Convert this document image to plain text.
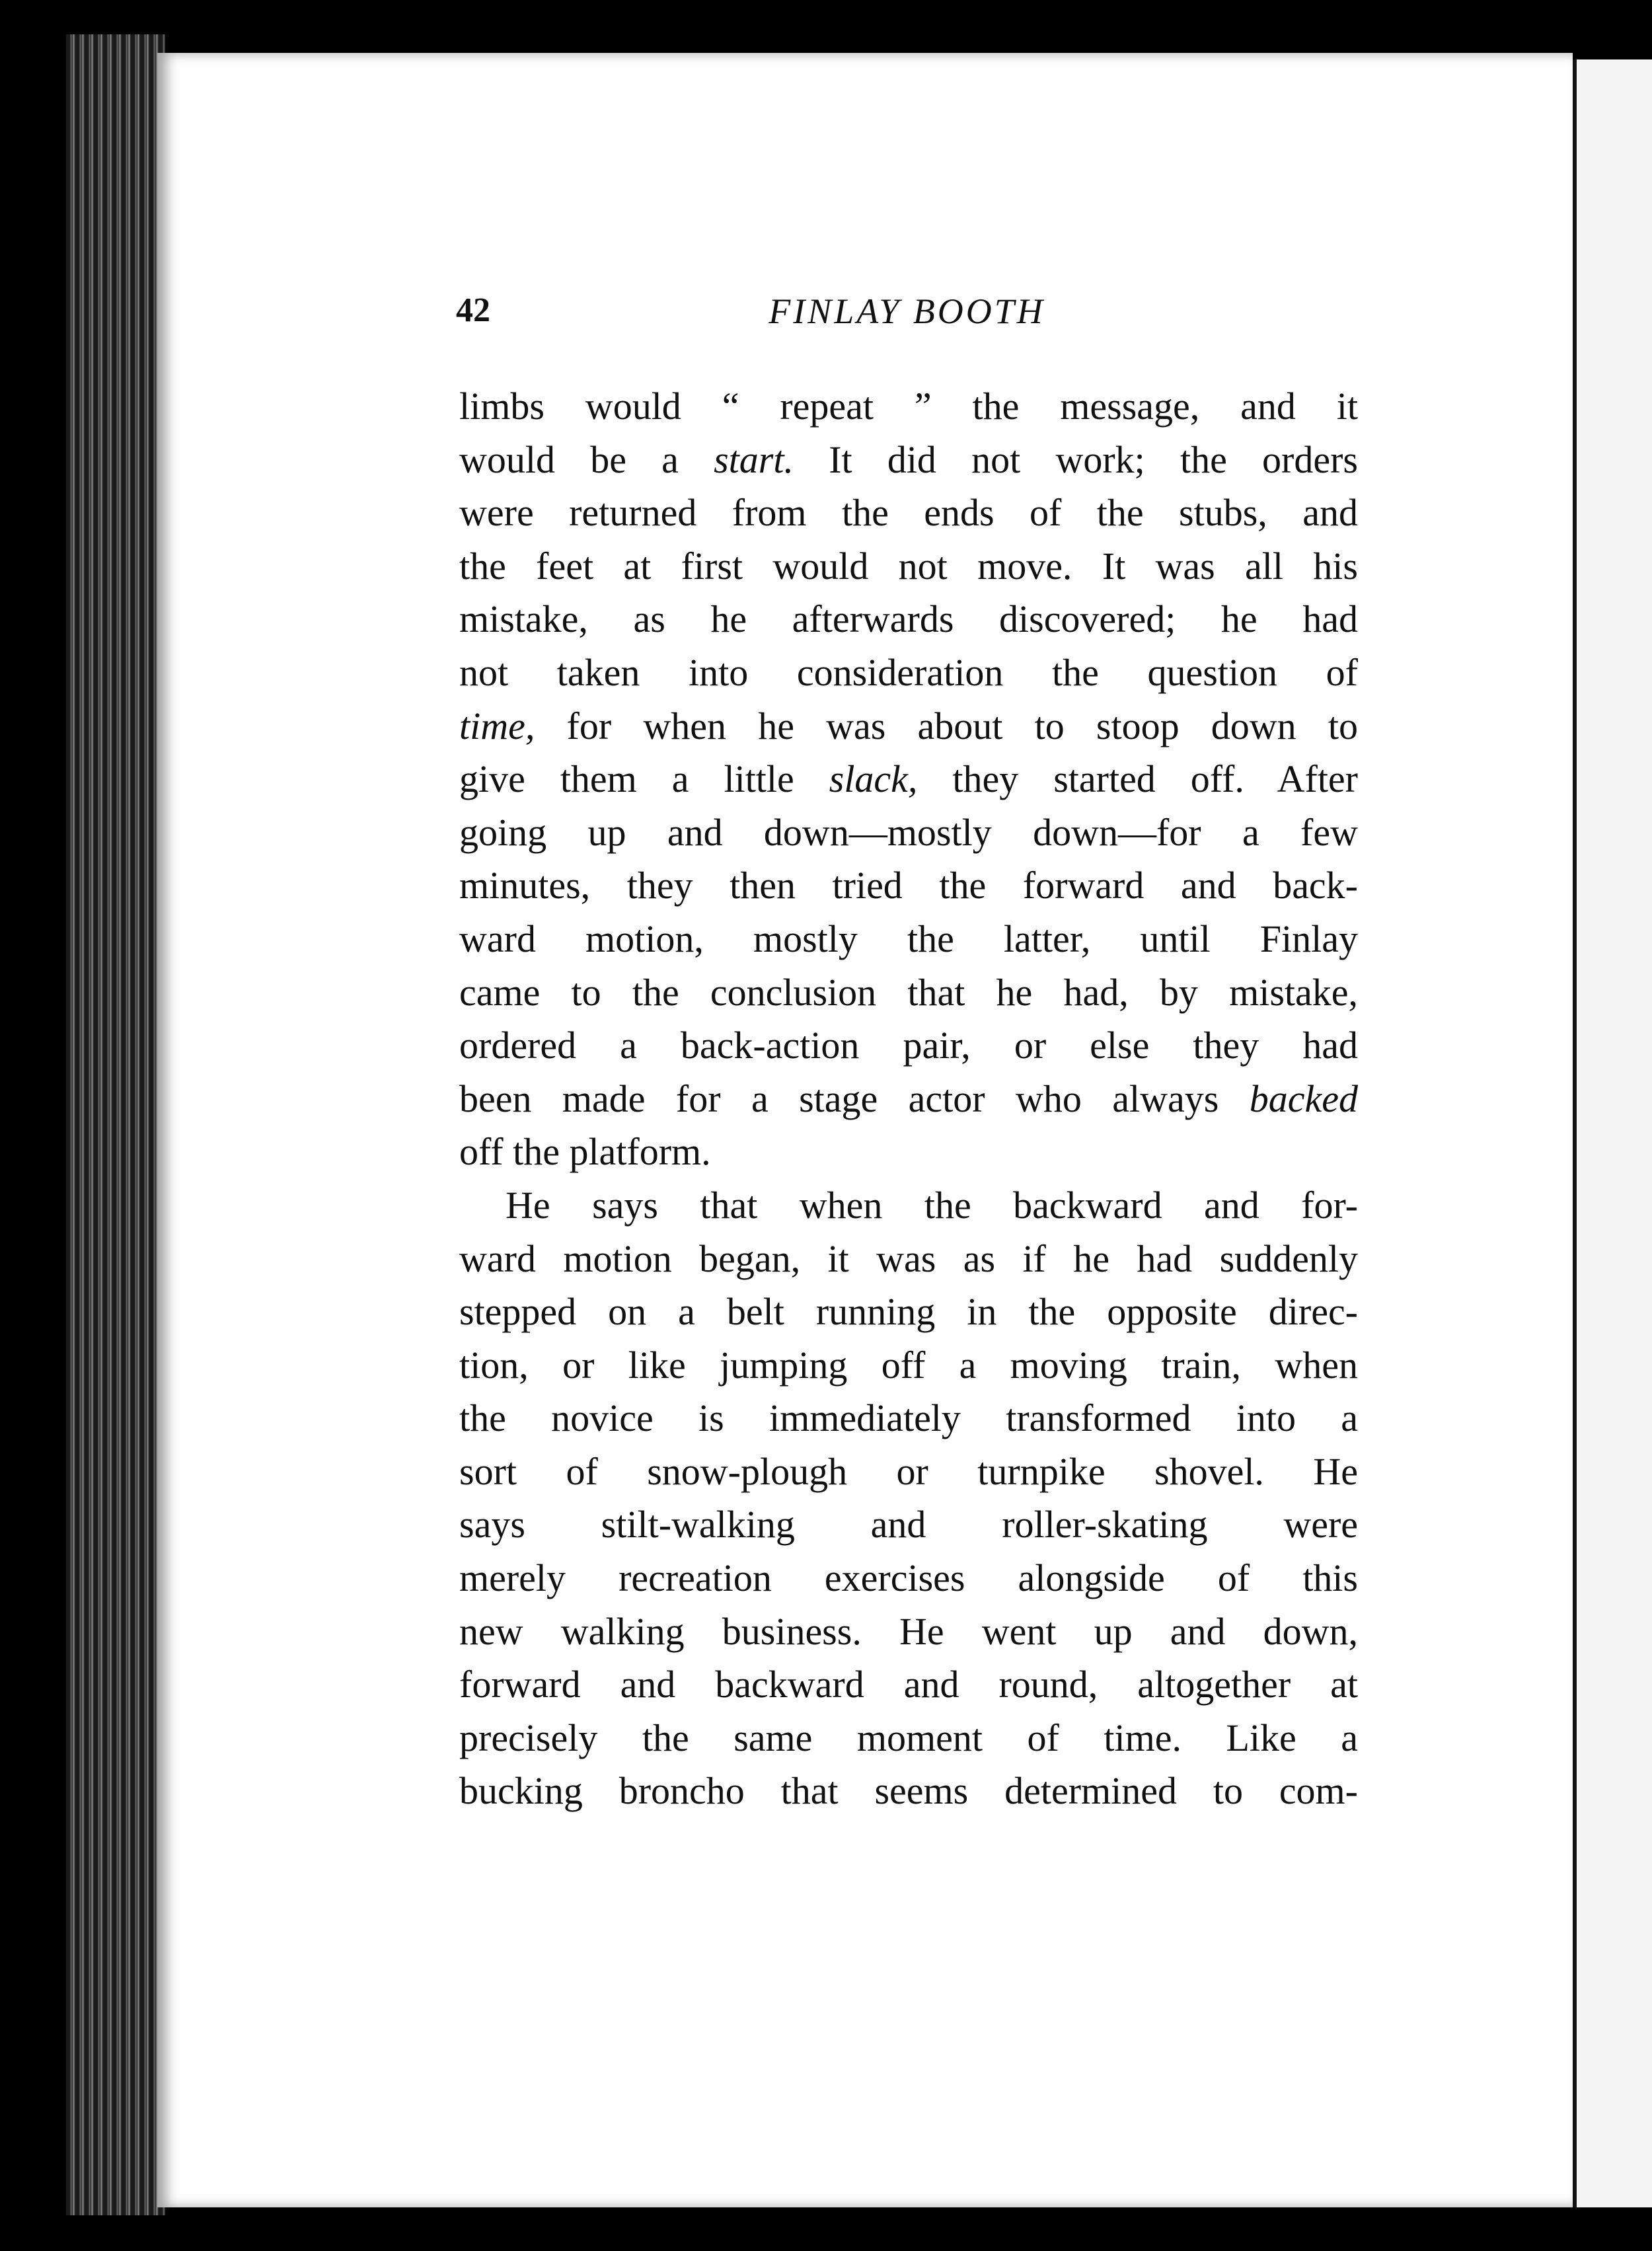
42	FINLAY BOOTH
limbs would “ repeat ” the message, and it
would be a start. It did not work; the orders
were returned from the ends of the stubs, and
the feet at first would not move. It was all his
mistake, as he afterwards discovered; he had
not taken into consideration the question of
time, for when he was about to stoop down to
give them a little slack, they started off. After
going up and down—mostly down—for a few
minutes, they then tried the forward and back-
ward motion, mostly the latter, until Finlay
came to the conclusion that he had, by mistake,
ordered a back-action pair, or else they had
been made for a stage actor who always backed
off the platform.
He says that when the backward and for-
ward motion began, it was as if he had suddenly
stepped on a belt running in the opposite direc-
tion, or like jumping off a moving train, when
the novice is immediately transformed into a
sort of snow-plough or turnpike shovel. He
says stilt-walking and roller-skating were
merely recreation exercises alongside of this
new walking business. He went up and down,
forward and backward and round, altogether at
precisely the same moment of time. Like a
bucking broncho that seems determined to com-
